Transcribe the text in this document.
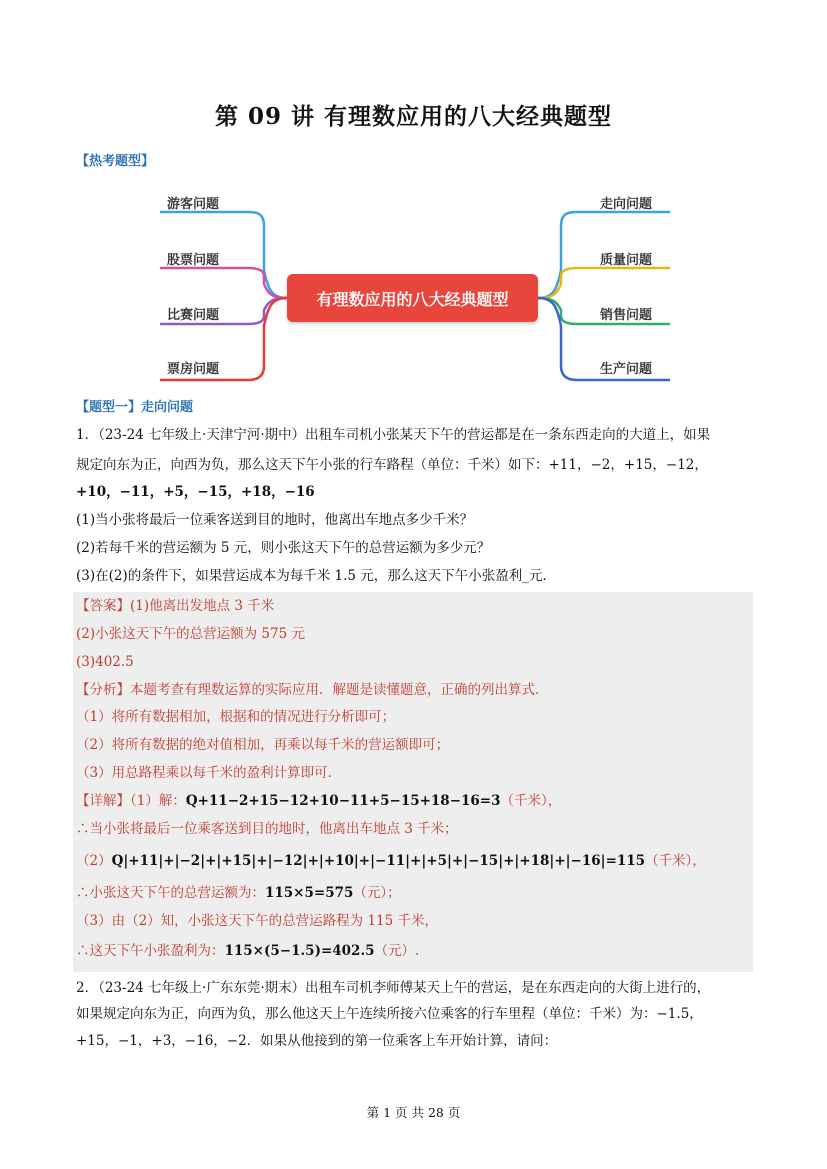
第 09 讲 有理数应用的八大经典题型
【热考题型】
有理数应用的八大经典题型
游客问题
股票问题
比赛问题
票房问题
走向问题
质量问题
销售问题
生产问题
【题型一】走向问题
1．（23-24 七年级上·天津宁河·期中）出租车司机小张某天下午的营运都是在一条东西走向的大道上，如果
规定向东为正，向西为负，那么这天下午小张的行车路程（单位：千米）如下：+11，−2，+15，−12，
+10，−11，+5，−15，+18，−16
(1)当小张将最后一位乘客送到目的地时，他离出车地点多少千米？
(2)若每千米的营运额为 5 元，则小张这天下午的总营运额为多少元？
(3)在(2)的条件下，如果营运成本为每千米 1.5 元，那么这天下午小张盈利_元．
【答案】(1)他离出发地点 3 千米
(2)小张这天下午的总营运额为 575 元
(3)402.5
【分析】本题考查有理数运算的实际应用．解题是读懂题意，正确的列出算式．
（1）将所有数据相加，根据和的情况进行分析即可；
（2）将所有数据的绝对值相加，再乘以每千米的营运额即可；
（3）用总路程乘以每千米的盈利计算即可．
【详解】（1）解：Q+11−2+15−12+10−11+5−15+18−16=3（千米），
∴当小张将最后一位乘客送到目的地时，他离出车地点 3 千米；
（2）Q|+11|+|−2|+|+15|+|−12|+|+10|+|−11|+|+5|+|−15|+|+18|+|−16|=115（千米），
∴小张这天下午的总营运额为：115×5=575（元）；
（3）由（2）知，小张这天下午的总营运路程为 115 千米，
∴这天下午小张盈利为：115×(5−1.5)=402.5（元）.
2．（23-24 七年级上·广东东莞·期末）出租车司机李师傅某天上午的营运，是在东西走向的大街上进行的，
如果规定向东为正，向西为负，那么他这天上午连续所接六位乘客的行车里程（单位：千米）为：−1.5，
+15，−1，+3，−16，−2．如果从他接到的第一位乘客上车开始计算，请问：
第 1 页 共 28 页
